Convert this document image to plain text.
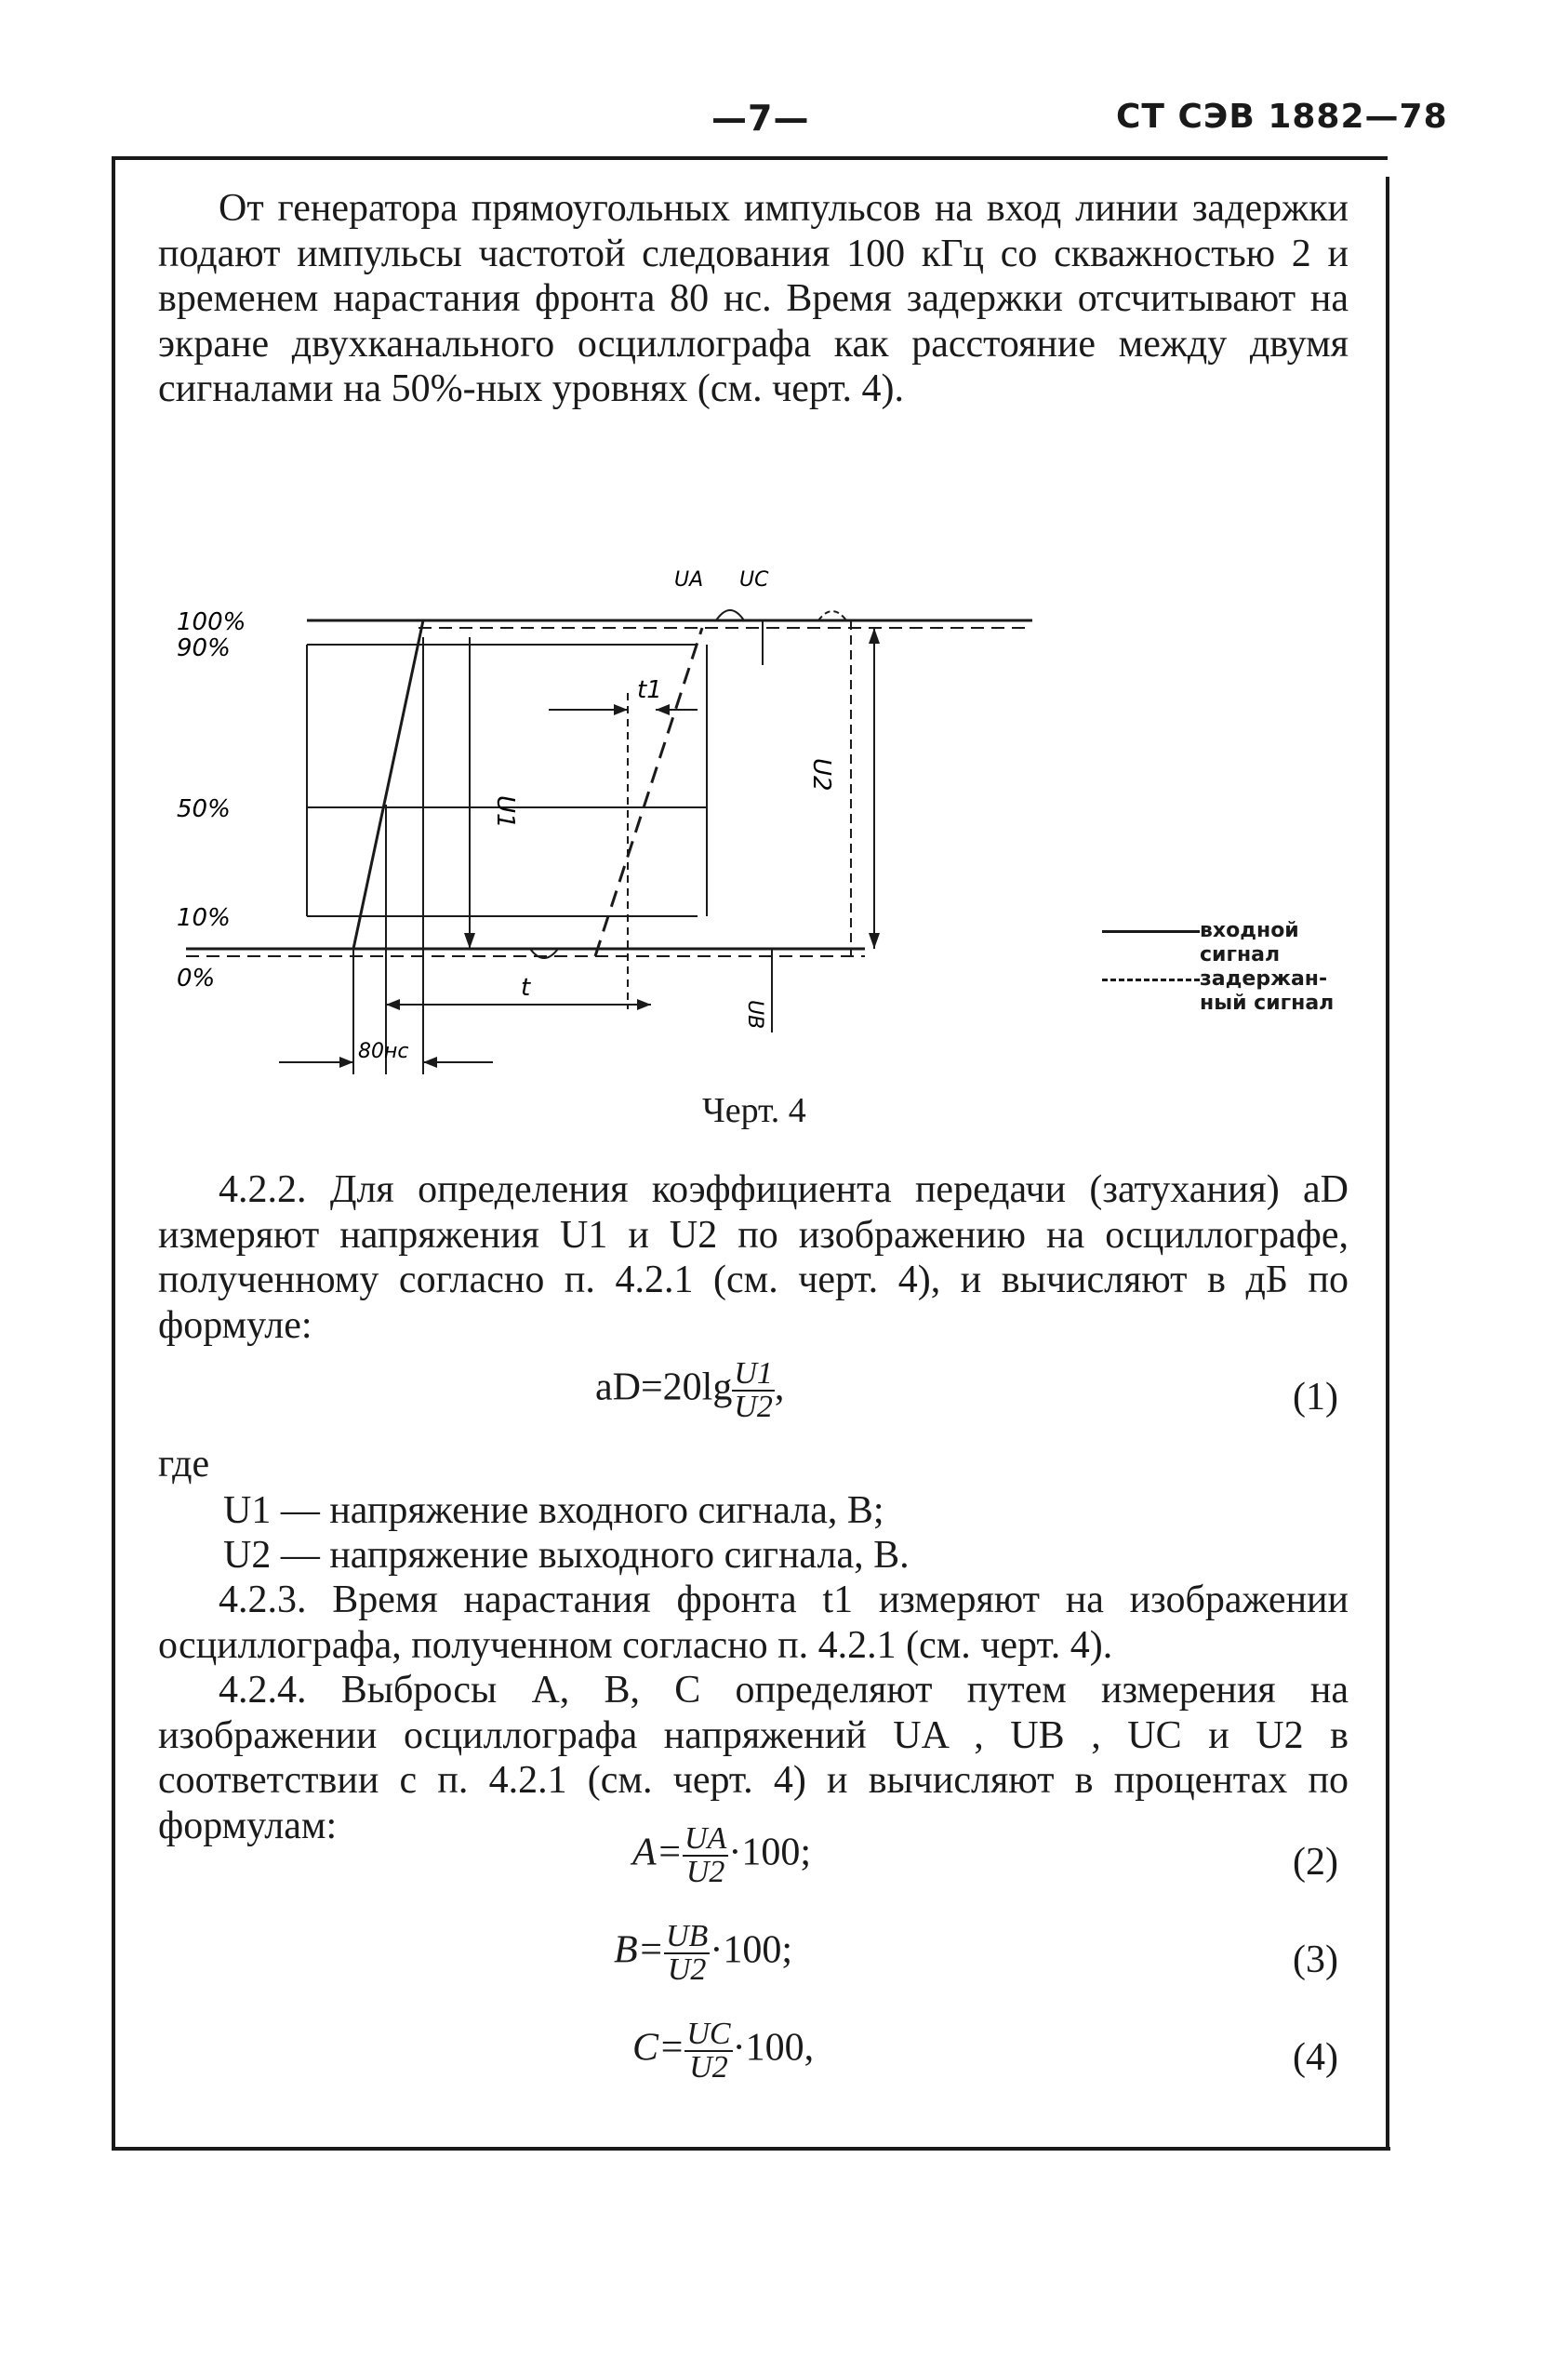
—7—	СТ СЭВ 1882—78

От генератора прямоугольных импульсов на вход линии задержки подают импульсы частотой следования 100 кГц со скважностью 2 и временем нарастания фронта 80 нс. Время задержки отсчитывают на экране двухканального осциллографа как расстояние между двумя сигналами на 50%-ных уровнях (см. черт. 4).

100%
90%
50%
10%
0%
UA UC
t1
t
U1
U2
UB
80нс
входной
сигнал
задержан-
ный сигнал
Черт. 4

4.2.2. Для определения коэффициента передачи (затухания) aD измеряют напряжения U1 и U2 по изображению на осциллографе, полученному согласно п. 4.2.1 (см. черт. 4), и вычисляют в дБ по формуле:

$aD=20\lg \frac{U1}{U2}$ ,	(1)
где
U1 — напряжение входного сигнала, В;
U2 — напряжение выходного сигнала, В.

4.2.3. Время нарастания фронта t1 измеряют на изображении осциллографа, полученном согласно п. 4.2.1 (см. черт. 4).

4.2.4. Выбросы A, B, C определяют путем измерения на изображении осциллографа напряжений UA , UB , UC и U2 в соответствии с п. 4.2.1 (см. черт. 4) и вычисляют в процентах по формулам:

$A= \frac{UA}{U2} \cdot 100$;	(2)
$B= \frac{UB}{U2} \cdot 100$;	(3)
$C= \frac{UC}{U2} \cdot 100$,	(4)
